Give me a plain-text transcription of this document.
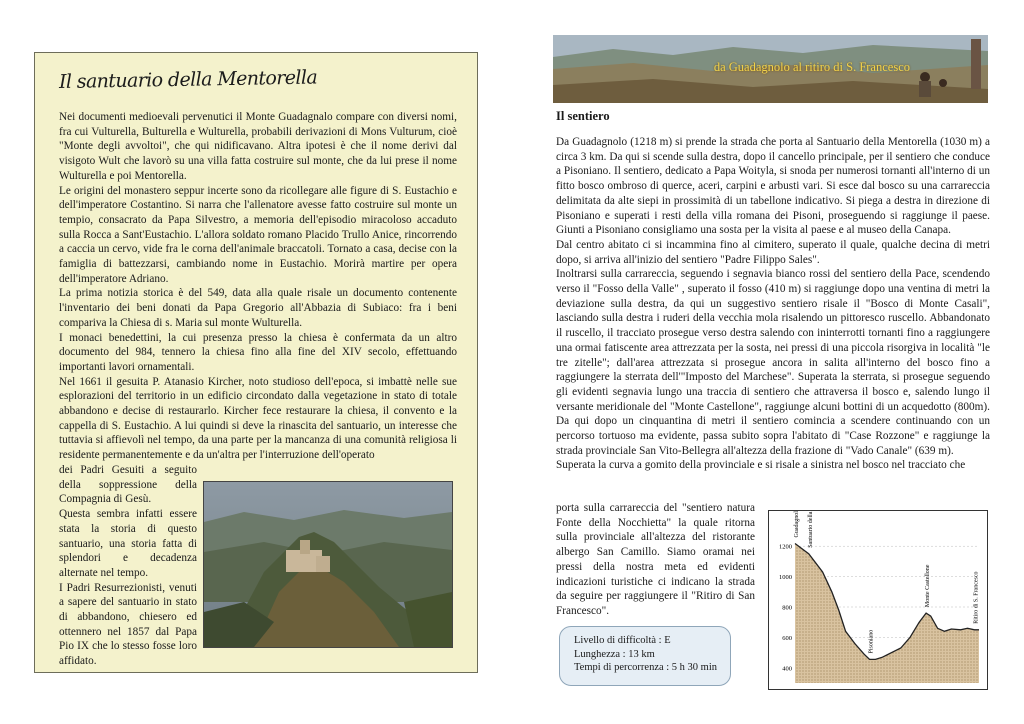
Il santuario della Mentorella

Nei documenti medioevali pervenutici il Monte Guadagnalo compare con diversi nomi, fra cui Vulturella, Bulturella e Wulturella, probabili derivazioni di Mons Vulturum, cioè "Monte degli avvoltoi", che qui nidificavano. Altra ipotesi è che il nome derivi dal visigoto Wult che lavorò su una villa fatta costruire sul monte, che da lui prese il nome Wulturella e poi Mentorella.
Le origini del monastero seppur incerte sono da ricollegare alle figure di S. Eustachio e dell'imperatore Costantino. Si narra che l'allenatore avesse fatto costruire sul monte un tempio, consacrato da Papa Silvestro, a memoria dell'episodio miracoloso accaduto sulla Rocca a Sant'Eustachio. L'allora soldato romano Placido Trullo Anice, rincorrendo a caccia un cervo, vide fra le corna dell'animale braccatoli. Tornato a casa, decise con la famiglia di battezzarsi, cambiando nome in Eustachio. Morirà martire per opera dell'imperatore Adriano.
La prima notizia storica è del 549, data alla quale risale un documento contenente l'inventario dei beni donati da Papa Gregorio all'Abbazia di Subiaco: fra i beni compariva la Chiesa di s. Maria sul monte Wulturella.
I monaci benedettini, la cui presenza presso la chiesa è confermata da un altro documento del 984, tennero la chiesa fino alla fine del XIV secolo, effettuando importanti lavori ornamentali.
Nel 1661 il gesuita P. Atanasio Kircher, noto studioso dell'epoca, si imbattè nelle sue esplorazioni del territorio in un edificio circondato dalla vegetazione in stato di totale abbandono e decise di restaurarlo. Kircher fece restaurare la chiesa, il convento e la cappella di S. Eustachio. A lui quindi si deve la rinascita del santuario, un interesse che tuttavia si affievolì nel tempo, da una parte per la mancanza di una comunità religiosa li residente permanentemente e da un'altra per l'interruzione dell'operato

dei Padri Gesuiti a seguito della soppressione della Compagnia di Gesù.
Questa sembra infatti essere stata la storia di questo santuario, una storia fatta di splendori e decadenza alternate nel tempo.
I Padri Resurrezionisti, venuti a sapere del santuario in stato di abbandono, chiesero ed ottennero nel 1857 dal Papa Pio IX che lo stesso fosse loro affidato.

da Guadagnolo al ritiro di S. Francesco
Il sentiero

Da Guadagnolo (1218 m) si prende la strada che porta al Santuario della Mentorella (1030 m) a circa 3 km. Da qui si scende sulla destra, dopo il cancello principale, per il sentiero che conduce a Pisoniano. Il sentiero, dedicato a Papa Woityla, si snoda per numerosi tornanti all'interno di un fitto bosco ombroso di querce, aceri, carpini e arbusti vari. Si esce dal bosco su una carrareccia delimitata da alte siepi in prossimità di un tabellone indicativo. Si piega a destra in direzione di Pisoniano e superati i resti della villa romana dei Pisoni, proseguendo si raggiunge il paese. Giunti a Pisoniano consigliamo una sosta per la visita al paese e al museo della Canapa.
Dal centro abitato ci si incammina fino al cimitero, superato il quale, qualche decina di metri dopo, si arriva all'inizio del sentiero "Padre Filippo Sales".
Inoltrarsi sulla carrareccia, seguendo i segnavia bianco rossi del sentiero della Pace, scendendo verso il "Fosso della Valle" , superato il fosso (410 m) si raggiunge dopo una ventina di metri la deviazione sulla destra, da qui un suggestivo sentiero risale il "Bosco di Monte Casali", lasciando sulla destra i ruderi della vecchia mola risalendo un pittoresco ruscello. Abbandonato il ruscello, il tracciato prosegue verso destra salendo con ininterrotti tornanti fino a raggiungere una ormai fatiscente area attrezzata per la sosta, nei pressi di una piccola risorgiva in località "le tre zitelle"; dall'area attrezzata si prosegue ancora in salita all'interno del bosco fino a raggiungere la sterrata dell'"Imposto del Marchese". Superata la sterrata, si prosegue seguendo gli evidenti segnavia lungo una traccia di sentiero che attraversa il bosco e, salendo lungo il versante meridionale del "Monte Castellone", raggiunge alcuni bottini di un acquedotto (800m). Da qui dopo un cinquantina di metri il sentiero comincia a scendere continuando con un percorso tortuoso ma evidente, passa subito sopra l'abitato di "Case Rozzone" e raggiunge la strada provinciale San Vito-Bellegra all'altezza della frazione di "Vado Canale" (639 m).
Superata la curva a gomito della provinciale e si risale a sinistra nel bosco nel tracciato che

porta sulla carrareccia del "sentiero natura Fonte della Nocchietta" la quale ritorna sulla provinciale all'altezza del ristorante albergo San Camillo. Siamo oramai nei pressi della nostra meta ed evidenti indicazioni turistiche ci indicano la strada da seguire per raggiungere il "Ritiro di San Francesco".

Livello di difficoltà : E
Lunghezza : 13 km
Tempi di percorrenza : 5 h 30 min	400
600
800
1000
1200
Guadagnolo Santuario della Mentorella
Pisoniano
Monte Castellone	Ritiro di S. Francesco
